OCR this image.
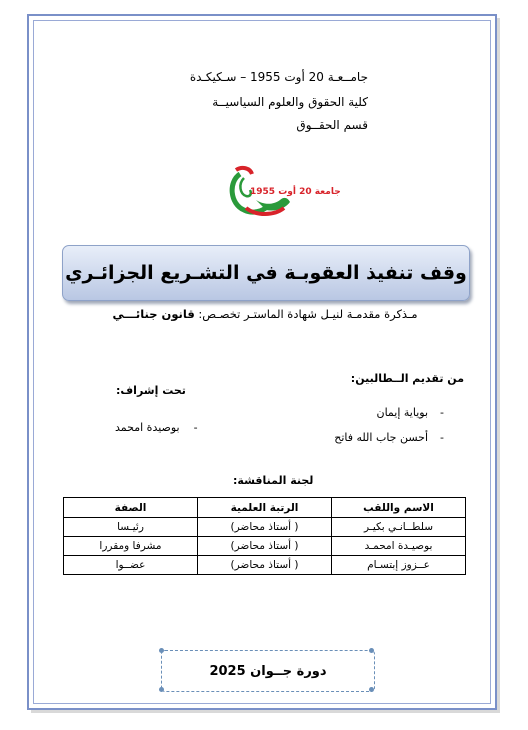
جامــعـة 20 أوت 1955 – سـكيكـدة
كلية الحقوق والعلوم السياسيــة
قسم الحقــوق
جامعة 20 أوت 1955
وقف تنفيذ العقوبـة في التشـريع الجزائـري
مـذكرة مقدمـة لنيـل شهادة الماستـر تخصـص: قانون جنائـــي
من تقديم الــطالبين:
-بوياية إيمان
-أحسن جاب الله فاتح
تحت إشراف:
-بوصيدة امحمد
لجنة المناقشة:
الاسم واللقب	الرتبة العلمية	الصفة
سلطــانـي بكيـر	( أستاذ محاضر)	رئيـسا
بوصيـدة امحمـد	( أستاذ محاضر)	مشرفا ومقررا
عــزوز إبتسـام	( أستاذ محاضر)	عضــوا
دورة جــوان 2025
